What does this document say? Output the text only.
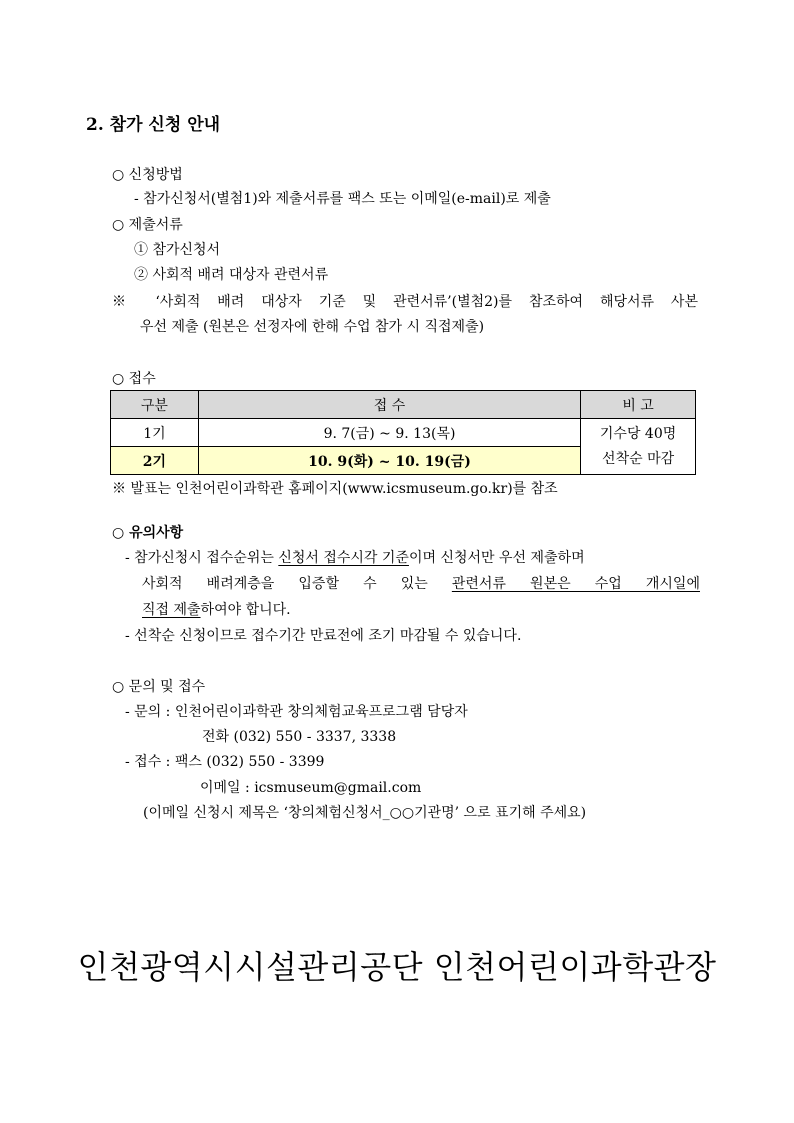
2. 참가 신청 안내
○ 신청방법
- 참가신청서(별첨1)와 제출서류를 팩스 또는 이메일(e-mail)로 제출
○ 제출서류
① 참가신청서
② 사회적 배려 대상자 관련서류
※ ‘사회적 배려 대상자 기준 및 관련서류’(별첨2)를 참조하여 해당서류 사본
우선 제출 (원본은 선정자에 한해 수업 참가 시 직접제출)
○ 접수
구분	접 수	비 고
1기	9. 7(금) ~ 9. 13(목)	기수당 40명
선착순 마감

2기	10. 9(화) ~ 10. 19(금)	
※ 발표는 인천어린이과학관 홈페이지(www.icsmuseum.go.kr)를 참조
○ 유의사항
- 참가신청시 접수순위는 신청서 접수시각 기준이며 신청서만 우선 제출하며
사회적 배려계층을 입증할 수 있는 관련서류 원본은 수업 개시일에
직접 제출하여야 합니다.
- 선착순 신청이므로 접수기간 만료전에 조기 마감될 수 있습니다.
○ 문의 및 접수
- 문의 : 인천어린이과학관 창의체험교육프로그램 담당자
전화 (032) 550 - 3337, 3338
- 접수 : 팩스 (032) 550 - 3399
이메일 : icsmuseum@gmail.com
(이메일 신청시 제목은 ‘창의체험신청서_○○기관명’ 으로 표기해 주세요)
인천광역시시설관리공단 인천어린이과학관장
